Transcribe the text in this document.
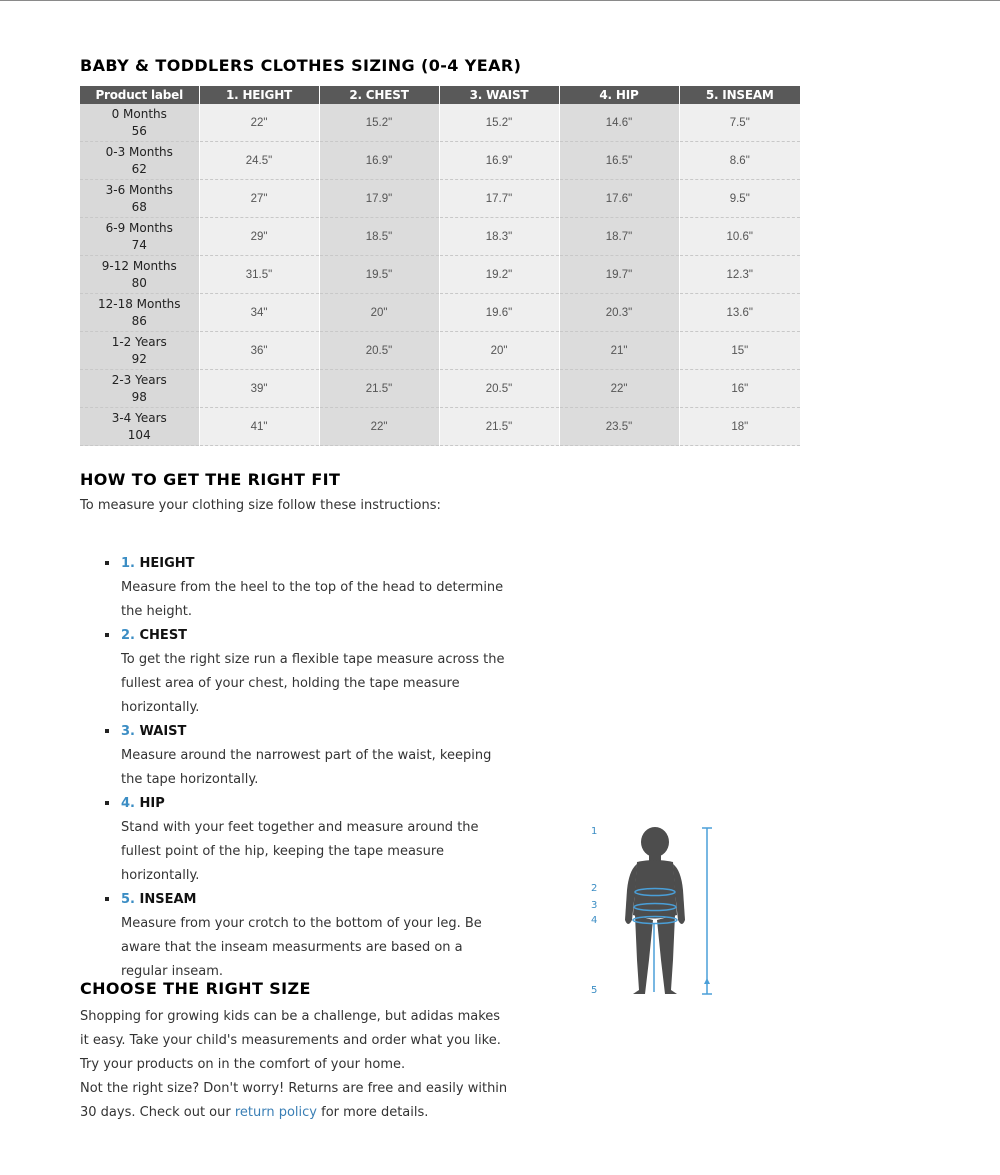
BABY & TODDLERS CLOTHES SIZING (0-4 YEAR)
Product label	1. HEIGHT	2. CHEST	3. WAIST	4. HIP	5. INSEAM

0 Months
56	22"	15.2"	15.2"	14.6"	7.5"

0-3 Months
62	24.5"	16.9"	16.9"	16.5"	8.6"

3-6 Months
68	27"	17.9"	17.7"	17.6"	9.5"

6-9 Months
74	29"	18.5"	18.3"	18.7"	10.6"

9-12 Months
80	31.5"	19.5"	19.2"	19.7"	12.3"

12-18 Months
86	34"	20"	19.6"	20.3"	13.6"

1-2 Years
92	36"	20.5"	20"	21"	15"

2-3 Years
98	39"	21.5"	20.5"	22"	16"

3-4 Years
104	41"	22"	21.5"	23.5"	18"
HOW TO GET THE RIGHT FIT
To measure your clothing size follow these instructions:
1. HEIGHT
Measure from the heel to the top of the head to determine the height.
2. CHEST
To get the right size run a flexible tape measure across the fullest area of your chest, holding the tape measure horizontally.
3. WAIST
Measure around the narrowest part of the waist, keeping the tape horizontally.
4. HIP
Stand with your feet together and measure around the fullest point of the hip, keeping the tape measure horizontally.
5. INSEAM
Measure from your crotch to the bottom of your leg. Be aware that the inseam measurments are based on a regular inseam.
1
2
3
4
5
CHOOSE THE RIGHT SIZE

Shopping for growing kids can be a challenge, but adidas makes it easy. Take your child's measurements and order what you like. Try your products on in the comfort of your home.

Not the right size? Don't worry! Returns are free and easily within 30 days. Check out our return policy for more details.
